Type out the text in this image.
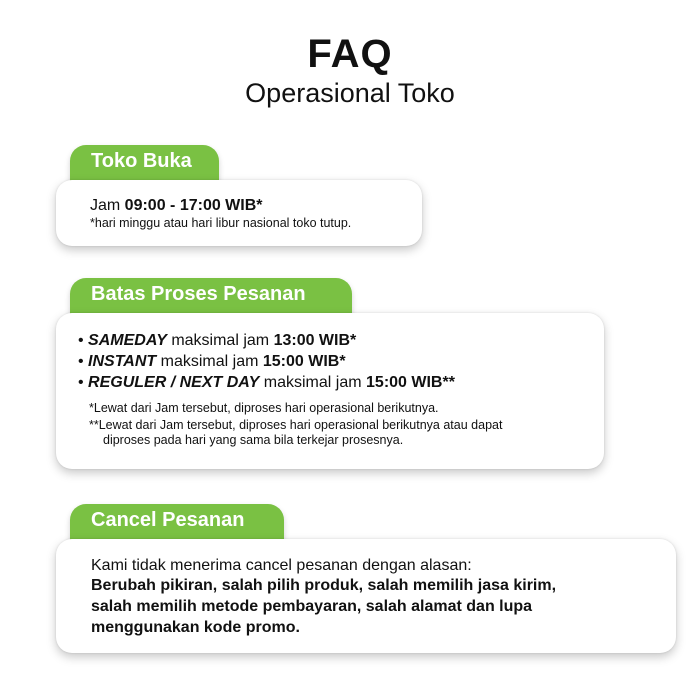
FAQ
Operasional Toko
Toko Buka
Jam 09:00 - 17:00 WIB*
*hari minggu atau hari libur nasional toko tutup.
Batas Proses Pesanan
• SAMEDAY maksimal jam 13:00 WIB*
• INSTANT maksimal jam 15:00 WIB*
• REGULER / NEXT DAY maksimal jam 15:00 WIB**
*Lewat dari Jam tersebut, diproses hari operasional berikutnya.
**Lewat dari Jam tersebut, diproses hari operasional berikutnya atau dapat
diproses pada hari yang sama bila terkejar prosesnya.
Cancel Pesanan
Kami tidak menerima cancel pesanan dengan alasan:
Berubah pikiran, salah pilih produk, salah memilih jasa kirim,
salah memilih metode pembayaran, salah alamat dan lupa
menggunakan kode promo.
